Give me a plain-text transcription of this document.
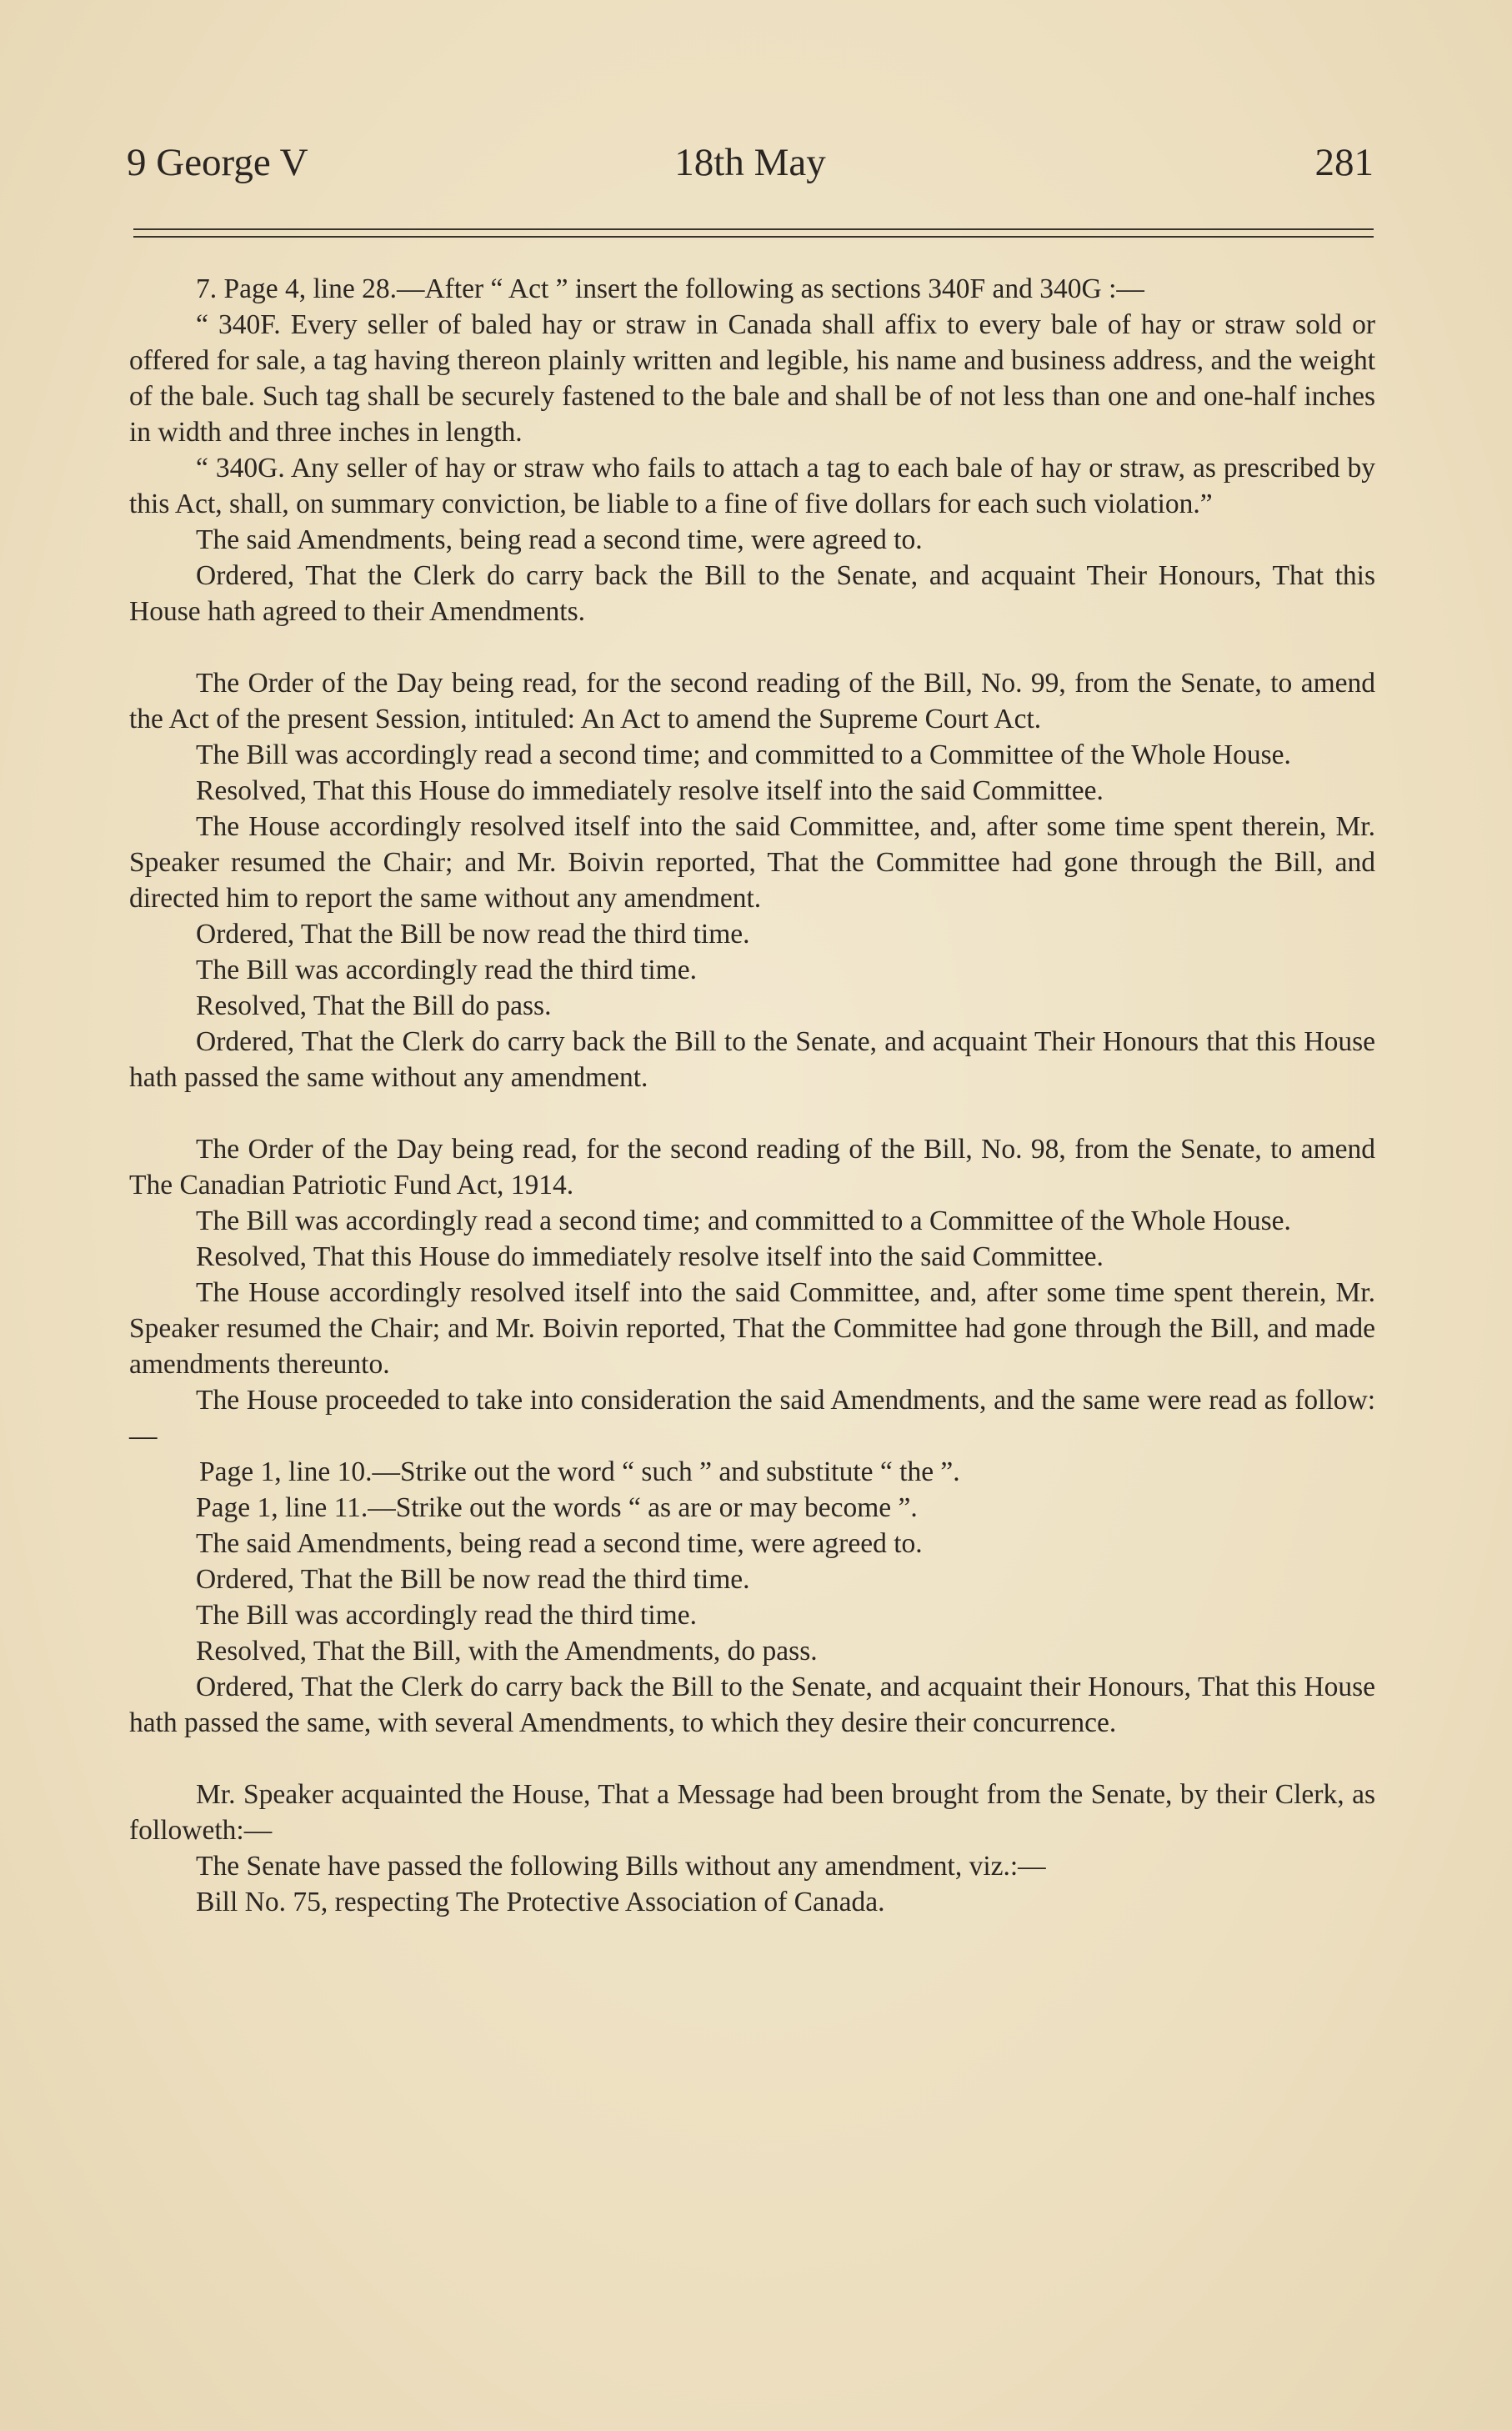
9 George V	18th May	281

7. Page 4, line 28.—After “ Act ” insert the following as sections 340F and 340G :—

“ 340F. Every seller of baled hay or straw in Canada shall affix to every bale of hay or straw sold or offered for sale, a tag having thereon plainly written and legible, his name and business address, and the weight of the bale. Such tag shall be securely fastened to the bale and shall be of not less than one and one-half inches in width and three inches in length.

“ 340G. Any seller of hay or straw who fails to attach a tag to each bale of hay or straw, as prescribed by this Act, shall, on summary conviction, be liable to a fine of five dollars for each such violation.”

The said Amendments, being read a second time, were agreed to.

Ordered, That the Clerk do carry back the Bill to the Senate, and acquaint Their Honours, That this House hath agreed to their Amendments.

The Order of the Day being read, for the second reading of the Bill, No. 99, from the Senate, to amend the Act of the present Session, intituled: An Act to amend the Supreme Court Act.

The Bill was accordingly read a second time; and committed to a Committee of the Whole House.

Resolved, That this House do immediately resolve itself into the said Committee.

The House accordingly resolved itself into the said Committee, and, after some time spent therein, Mr. Speaker resumed the Chair; and Mr. Boivin reported, That the Committee had gone through the Bill, and directed him to report the same without any amendment.

Ordered, That the Bill be now read the third time.

The Bill was accordingly read the third time.

Resolved, That the Bill do pass.

Ordered, That the Clerk do carry back the Bill to the Senate, and acquaint Their Honours that this House hath passed the same without any amendment.

The Order of the Day being read, for the second reading of the Bill, No. 98, from the Senate, to amend The Canadian Patriotic Fund Act, 1914.

The Bill was accordingly read a second time; and committed to a Committee of the Whole House.

Resolved, That this House do immediately resolve itself into the said Committee.

The House accordingly resolved itself into the said Committee, and, after some time spent therein, Mr. Speaker resumed the Chair; and Mr. Boivin reported, That the Committee had gone through the Bill, and made amendments thereunto.

The House proceeded to take into consideration the said Amendments, and the same were read as follow:—

Page 1, line 10.—Strike out the word “ such ” and substitute “ the ”.

Page 1, line 11.—Strike out the words “ as are or may become ”.

The said Amendments, being read a second time, were agreed to.

Ordered, That the Bill be now read the third time.

The Bill was accordingly read the third time.

Resolved, That the Bill, with the Amendments, do pass.

Ordered, That the Clerk do carry back the Bill to the Senate, and acquaint their Honours, That this House hath passed the same, with several Amendments, to which they desire their concurrence.

Mr. Speaker acquainted the House, That a Message had been brought from the Senate, by their Clerk, as followeth:—

The Senate have passed the following Bills without any amendment, viz.:—

Bill No. 75, respecting The Protective Association of Canada.
